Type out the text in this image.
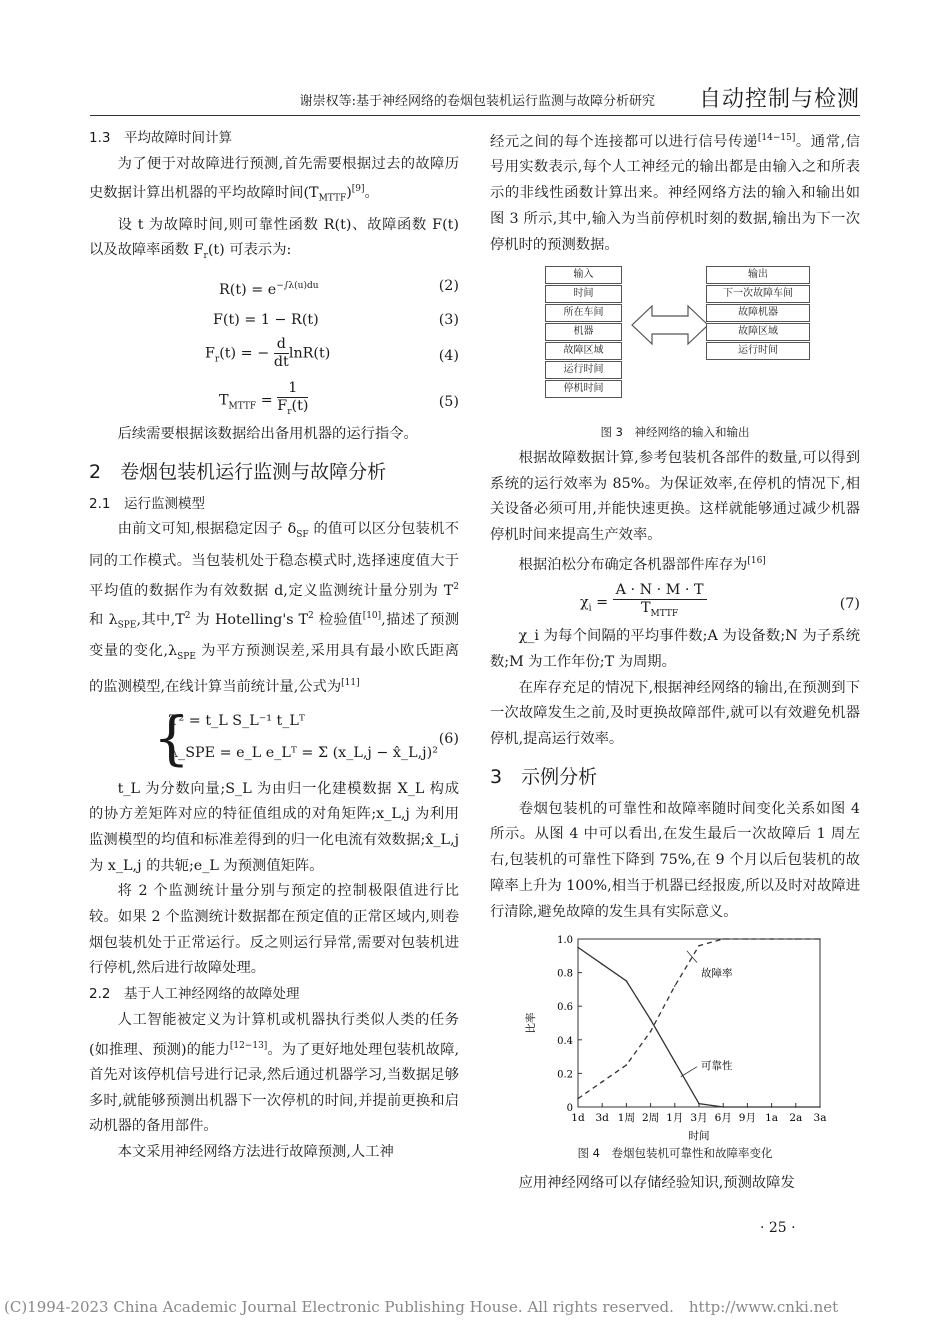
谢崇权等:基于神经网络的卷烟包装机运行监测与故障分析研究 自动控制与检测
1.3　平均故障时间计算

为了便于对故障进行预测,首先需要根据过去的故障历史数据计算出机器的平均故障时间$(T_{MTTF})[9]$。

设 t 为故障时间,则可靠性函数 R(t)、故障函数 F(t) 以及故障率函数 $F_r(t)$ 可表示为:

$R(t) = e^{-\int\lambda(u)du}$	(2)
F(t) = 1 − R(t)	(3)
$F_r(t)$ = − $\frac{d}{dt} \ln R(t)$	(4)
$T_{MTTF} = \frac{1}{F_r(t)}$	(5)

后续需要根据该数据给出备用机器的运行指令。

2　卷烟包装机运行监测与故障分析
2.1　运行监测模型

由前文可知,根据稳定因子 $\delta_{SF}$ 的值可以区分包装机不同的工作模式。当包装机处于稳态模式时,选择速度值大于平均值的数据作为有效数据 d,定义监测统计量分别为 $T^2$ 和 $\lambda_{SPE}$,其中$,T^2$ 为 Hotelling's $T^2$ 检验值[10],描述了预测变量的变化$,\lambda_{SPE}$ 为平方预测误差,采用具有最小欧氏距离的监测模型,在线计算当前统计量,公式为[11]

{
T² = t_L S_L⁻¹ t_Lᵀ
λ_SPE = e_L e_Lᵀ = Σ (x_L,j − x̂_L,j)²
(6)

t_L 为分数向量;S_L 为由归一化建模数据 X_L 构成的协方差矩阵对应的特征值组成的对角矩阵;x_L,j 为利用监测模型的均值和标准差得到的归一化电流有效数据;x̂_L,j 为 x_L,j 的共轭;e_L 为预测值矩阵。

将 2 个监测统计量分别与预定的控制极限值进行比较。如果 2 个监测统计数据都在预定值的正常区域内,则卷烟包装机处于正常运行。反之则运行异常,需要对包装机进行停机,然后进行故障处理。

2.2　基于人工神经网络的故障处理

人工智能被定义为计算机或机器执行类似人类的任务(如推理、预测)的能力[12−13]。为了更好地处理包装机故障,首先对该停机信号进行记录,然后通过机器学习,当数据足够多时,就能够预测出机器下一次停机的时间,并提前更换和启动机器的备用部件。

本文采用神经网络方法进行故障预测,人工神

经元之间的每个连接都可以进行信号传递[14−15]。通常,信号用实数表示,每个人工神经元的输出都是由输入之和所表示的非线性函数计算出来。神经网络方法的输入和输出如图 3 所示,其中,输入为当前停机时刻的数据,输出为下一次停机时的预测数据。

输入
时间
所在车间
机器
故障区域
运行时间
停机时间
输出
下一次故障车间
故障机器
故障区域
运行时间
图 3　神经网络的输入和输出

根据故障数据计算,参考包装机各部件的数量,可以得到系统的运行效率为 85%。为保证效率,在停机的情况下,相关设备必须可用,并能快速更换。这样就能够通过减少机器停机时间来提高生产效率。

根据泊松分布确定各机器部件库存为[16]

$\chi_i = \frac{A \cdot N \cdot M \cdot T}{T_{MTTF}}$	(7)

χ_i 为每个间隔的平均事件数;A 为设备数;N 为子系统数;M 为工作年份;T 为周期。

在库存充足的情况下,根据神经网络的输出,在预测到下一次故障发生之前,及时更换故障部件,就可以有效避免机器停机,提高运行效率。

3　示例分析

卷烟包装机的可靠性和故障率随时间变化关系如图 4 所示。从图 4 中可以看出,在发生最后一次故障后 1 周左右,包装机的可靠性下降到 75%,在 9 个月以后包装机的故障率上升为 100%,相当于机器已经报废,所以及时对故障进行清除,避免故障的发生具有实际意义。

0
0.2
0.4
0.6
0.8
1.0
1d 3d 1周 2周 1月 3月 6月 9月 1a 2a 3a
时间
比率
故障率
可靠性
图 4　卷烟包装机可靠性和故障率变化

应用神经网络可以存储经验知识,预测故障发

· 25 ·
(C)1994-2023 China Academic Journal Electronic Publishing House. All rights reserved.　http://www.cnki.net
